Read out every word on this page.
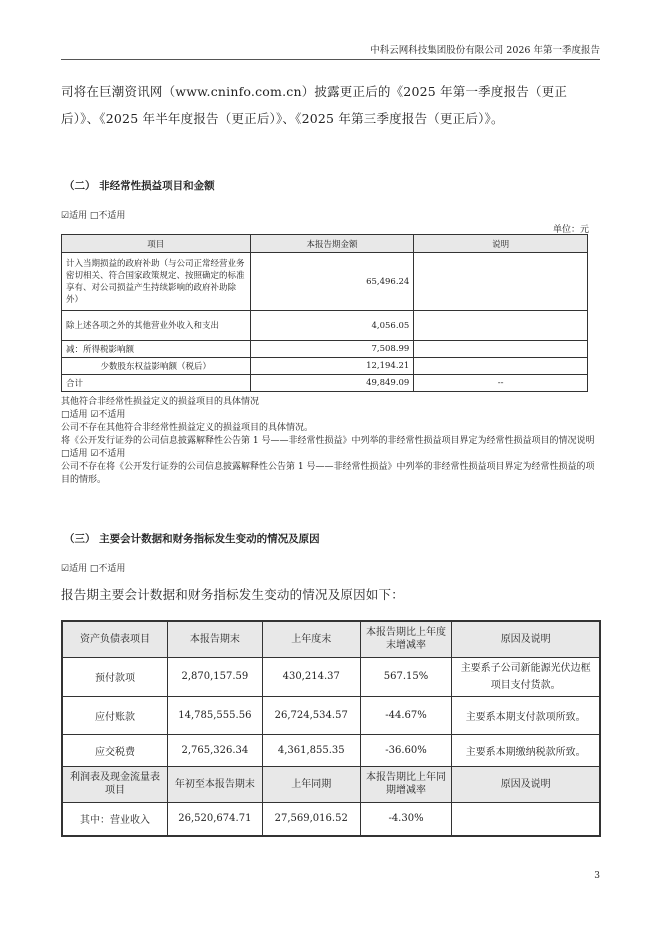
中科云网科技集团股份有限公司 2026 年第一季度报告
司将在巨潮资讯网（www.cninfo.com.cn）披露更正后的《2025 年第一季度报告（更正
后）》、《2025 年半年度报告（更正后）》、《2025 年第三季度报告（更正后）》。
（二） 非经常性损益项目和金额
☑适用 □不适用
单位：元
项目	本报告期金额	说明
计入当期损益的政府补助（与公司正常经营业务密切相关、符合国家政策规定、按照确定的标准享有、对公司损益产生持续影响的政府补助除外）	65,496.24	
除上述各项之外的其他营业外收入和支出	4,056.05	
减：所得税影响额	7,508.99	
少数股东权益影响额（税后）	12,194.21	
合计	49,849.09	--
其他符合非经常性损益定义的损益项目的具体情况
□适用 ☑不适用
公司不存在其他符合非经常性损益定义的损益项目的具体情况。
将《公开发行证券的公司信息披露解释性公告第 1 号——非经常性损益》中列举的非经常性损益项目界定为经常性损益项目的情况说明
□适用 ☑不适用
公司不存在将《公开发行证券的公司信息披露解释性公告第 1 号——非经常性损益》中列举的非经常性损益项目界定为经常性损益的项目的情形。
（三） 主要会计数据和财务指标发生变动的情况及原因
☑适用 □不适用
报告期主要会计数据和财务指标发生变动的情况及原因如下：
资产负债表项目	本报告期末	上年度末	本报告期比上年度末增减率	原因及说明
预付款项	2,870,157.59	430,214.37	567.15%	主要系子公司新能源光伏边框项目支付货款。
应付账款	14,785,555.56	26,724,534.57	-44.67%	主要系本期支付款项所致。
应交税费	2,765,326.34	4,361,855.35	-36.60%	主要系本期缴纳税款所致。
利润表及现金流量表项目	年初至本报告期末	上年同期	本报告期比上年同期增减率	原因及说明
其中：营业收入	26,520,674.71	27,569,016.52	-4.30%	
3
